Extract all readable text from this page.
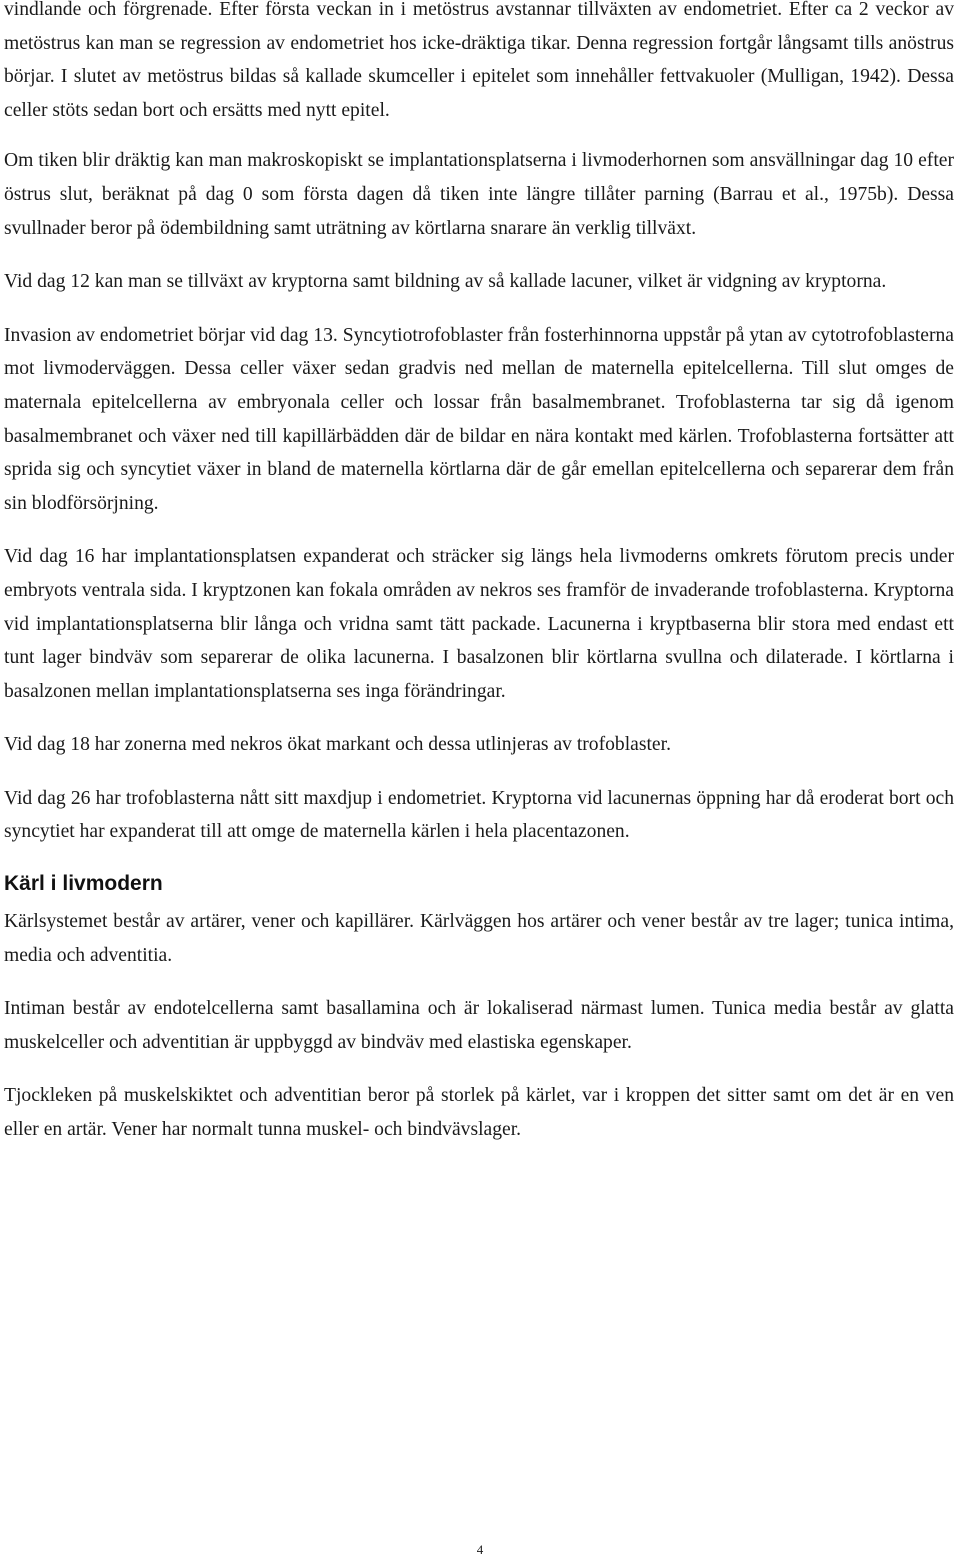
vindlande och förgrenade. Efter första veckan in i metöstrus avstannar tillväxten av endometriet. Efter ca 2 veckor av metöstrus kan man se regression av endometriet hos icke-dräktiga tikar. Denna regression fortgår långsamt tills anöstrus börjar. I slutet av metöstrus bildas så kallade skumceller i epitelet som innehåller fettvakuoler (Mulligan, 1942). Dessa celler stöts sedan bort och ersätts med nytt epitel.

Om tiken blir dräktig kan man makroskopiskt se implantationsplatserna i livmoderhornen som ansvällningar dag 10 efter östrus slut, beräknat på dag 0 som första dagen då tiken inte längre tillåter parning (Barrau et al., 1975b). Dessa svullnader beror på ödembildning samt uträtning av körtlarna snarare än verklig tillväxt.

Vid dag 12 kan man se tillväxt av kryptorna samt bildning av så kallade lacuner, vilket är vidgning av kryptorna.

Invasion av endometriet börjar vid dag 13. Syncytiotrofoblaster från fosterhinnorna uppstår på ytan av cytotrofoblasterna mot livmoderväggen. Dessa celler växer sedan gradvis ned mellan de maternella epitelcellerna. Till slut omges de maternala epitelcellerna av embryonala celler och lossar från basalmembranet. Trofoblasterna tar sig då igenom basalmembranet och växer ned till kapillärbädden där de bildar en nära kontakt med kärlen. Trofoblasterna fortsätter att sprida sig och syncytiet växer in bland de maternella körtlarna där de går emellan epitelcellerna och separerar dem från sin blodförsörjning.

Vid dag 16 har implantationsplatsen expanderat och sträcker sig längs hela livmoderns omkrets förutom precis under embryots ventrala sida. I kryptzonen kan fokala områden av nekros ses framför de invaderande trofoblasterna. Kryptorna vid implantationsplatserna blir långa och vridna samt tätt packade. Lacunerna i kryptbaserna blir stora med endast ett tunt lager bindväv som separerar de olika lacunerna. I basalzonen blir körtlarna svullna och dilaterade. I körtlarna i basalzonen mellan implantationsplatserna ses inga förändringar.

Vid dag 18 har zonerna med nekros ökat markant och dessa utlinjeras av trofoblaster.

Vid dag 26 har trofoblasterna nått sitt maxdjup i endometriet. Kryptorna vid lacunernas öppning har då eroderat bort och syncytiet har expanderat till att omge de maternella kärlen i hela placentazonen.

Kärl i livmodern

Kärlsystemet består av artärer, vener och kapillärer. Kärlväggen hos artärer och vener består av tre lager; tunica intima, media och adventitia.

Intiman består av endotelcellerna samt basallamina och är lokaliserad närmast lumen. Tunica media består av glatta muskelceller och adventitian är uppbyggd av bindväv med elastiska egenskaper.

Tjockleken på muskelskiktet och adventitian beror på storlek på kärlet, var i kroppen det sitter samt om det är en ven eller en artär. Vener har normalt tunna muskel- och bindvävslager.

4
